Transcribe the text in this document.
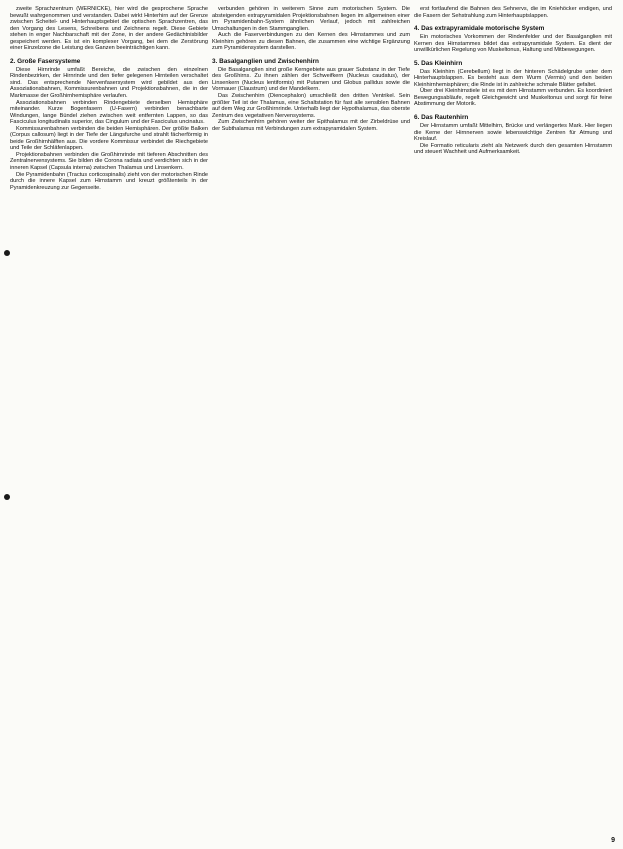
zweite Sprachzentrum (WERNICKE), hier wird die gesprochene Sprache bewußt wahrgenommen und verstanden. Dabei wirkt Hinterhirn auf der Grenze zwischen Scheitel- und Hinterhauptsgebiet die optischen Sprachzentren, das den Vorgang des Lesens, Schreibens und Zeichnens regelt. Diese Gebiete stehen in enger Nachbarschaft mit der Zone, in der andere Gedächtnisbilder gespeichert werden. Es ist ein komplexer Vorgang, bei dem die Zerstörung einer Einzelzone die Leistung des Ganzen beeinträchtigen kann.

2. Große Fasersysteme

Diese Hirnrinde umfaßt Bereiche, die zwischen den einzelnen Rindenbezirken, der Hirnrinde und den tiefer gelegenen Hirnteilen verschaltet sind. Das entsprechende Nervenfasersystem wird gebildet aus den Assoziationsbahnen, Kommissurenbahnen und Projektionsbahnen, die in der Markmasse der Großhirnhemisphäre verlaufen.

Assoziationsbahnen verbinden Rindengebiete derselben Hemisphäre miteinander. Kurze Bogenfasern (U-Fasern) verbinden benachbarte Windungen, lange Bündel ziehen zwischen weit entfernten Lappen, so das Fasciculus longitudinalis superior, das Cingulum und der Fasciculus uncinatus.

Kommissurenbahnen verbinden die beiden Hemisphären. Der größte Balken (Corpus callosum) liegt in der Tiefe der Längsfurche und strahlt fächerförmig in beide Großhirnhälften aus. Die vordere Kommissur verbindet die Riechgebiete und Teile der Schläfenlappen.

Projektionsbahnen verbinden die Großhirnrinde mit tieferen Abschnitten des Zentralnervensystems. Sie bilden die Corona radiata und verdichten sich in der inneren Kapsel (Capsula interna) zwischen Thalamus und Linsenkern.

Die Pyramidenbahn (Tractus corticospinalis) zieht von der motorischen Rinde durch die innere Kapsel zum Hirnstamm und kreuzt größtenteils in der Pyramidenkreuzung zur Gegenseite.

verbunden gehören in weiterem Sinne zum motorischen System. Die absteigenden extrapyramidalen Projektionsbahnen liegen im allgemeinen einer im Pyramidenbahn-System ähnlichen Verlauf, jedoch mit zahlreichen Umschaltungen in den Stammganglien.

Auch die Faserverbindungen zu den Kernen des Hirnstammes und zum Kleinhirn gehören zu diesen Bahnen, die zusammen eine wichtige Ergänzung zum Pyramidensystem darstellen.

3. Basalganglien und Zwischenhirn

Die Basalganglien sind große Kerngebiete aus grauer Substanz in der Tiefe des Großhirns. Zu ihnen zählen der Schweifkern (Nucleus caudatus), der Linsenkern (Nucleus lentiformis) mit Putamen und Globus pallidus sowie die Vormauer (Claustrum) und der Mandelkern.

Das Zwischenhirn (Diencephalon) umschließt den dritten Ventrikel. Sein größter Teil ist der Thalamus, eine Schaltstation für fast alle sensiblen Bahnen auf dem Weg zur Großhirnrinde. Unterhalb liegt der Hypothalamus, das oberste Zentrum des vegetativen Nervensystems.

Zum Zwischenhirn gehören weiter der Epithalamus mit der Zirbeldrüse und der Subthalamus mit Verbindungen zum extrapyramidalen System.

erst fortlaufend die Bahnen des Sehnervs, die im Kniehöcker endigen, und die Fasern der Sehstrahlung zum Hinterhauptslappen.

4. Das extrapyramidale motorische System

Ein motorisches Vorkommen der Rindenfelder und der Basalganglien mit Kernen des Hirnstammes bildet das extrapyramidale System. Es dient der unwillkürlichen Regelung von Muskeltonus, Haltung und Mitbewegungen.

5. Das Kleinhirn

Das Kleinhirn (Cerebellum) liegt in der hinteren Schädelgrube unter dem Hinterhauptslappen. Es besteht aus dem Wurm (Vermis) und den beiden Kleinhirnhemisphären; die Rinde ist in zahlreiche schmale Blätter gefaltet.

Über drei Kleinhirnstiele ist es mit dem Hirnstamm verbunden. Es koordiniert Bewegungsabläufe, regelt Gleichgewicht und Muskeltonus und sorgt für feine Abstimmung der Motorik.

6. Das Rautenhirn

Der Hirnstamm umfaßt Mittelhirn, Brücke und verlängertes Mark. Hier liegen die Kerne der Hirnnerven sowie lebenswichtige Zentren für Atmung und Kreislauf.

Die Formatio reticularis zieht als Netzwerk durch den gesamten Hirnstamm und steuert Wachheit und Aufmerksamkeit.

9
